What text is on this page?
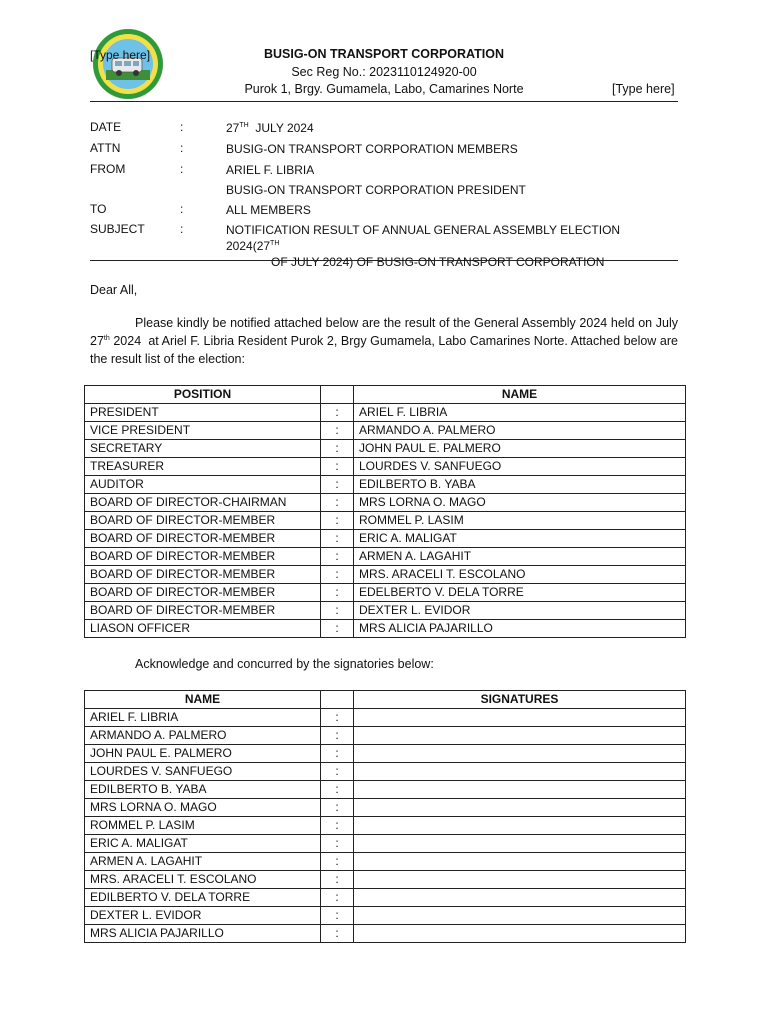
[Type here]	BUSIG-ON TRANSPORT CORPORATION
Sec Reg No.: 2023110124920-00
Purok 1, Brgy. Gumamela, Labo, Camarines Norte	[Type here]
DATE	:	27TH  JULY 2024
ATTN	:	BUSIG-ON TRANSPORT CORPORATION MEMBERS
FROM	:	ARIEL F. LIBRIA
BUSIG-ON TRANSPORT CORPORATION PRESIDENT
TO	:	ALL MEMBERS
SUBJECT	:	NOTIFICATION RESULT OF ANNUAL GENERAL ASSEMBLY ELECTION 2024(27TH
OF JULY 2024) OF BUSIG-ON TRANSPORT CORPORATION
Dear All,
Please kindly be notified attached below are the result of the General Assembly 2024 held on July 27th 2024  at Ariel F. Libria Resident Purok 2, Brgy Gumamela, Labo Camarines Norte. Attached below are the result list of the election:
POSITION		NAME
PRESIDENT	:	ARIEL F. LIBRIA
VICE PRESIDENT	:	ARMANDO A. PALMERO
SECRETARY	:	JOHN PAUL E. PALMERO
TREASURER	:	LOURDES V. SANFUEGO
AUDITOR	:	EDILBERTO B. YABA
BOARD OF DIRECTOR-CHAIRMAN	:	MRS LORNA O. MAGO
BOARD OF DIRECTOR-MEMBER	:	ROMMEL P. LASIM
BOARD OF DIRECTOR-MEMBER	:	ERIC A. MALIGAT
BOARD OF DIRECTOR-MEMBER	:	ARMEN A. LAGAHIT
BOARD OF DIRECTOR-MEMBER	:	MRS. ARACELI T. ESCOLANO
BOARD OF DIRECTOR-MEMBER	:	EDELBERTO V. DELA TORRE
BOARD OF DIRECTOR-MEMBER	:	DEXTER L. EVIDOR
LIASON OFFICER	:	MRS ALICIA PAJARILLO
Acknowledge and concurred by the signatories below:
NAME		SIGNATURES
ARIEL F. LIBRIA	:	
ARMANDO A. PALMERO	:	
JOHN PAUL E. PALMERO	:	
LOURDES V. SANFUEGO	:	
EDILBERTO B. YABA	:	
MRS LORNA O. MAGO	:	
ROMMEL P. LASIM	:	
ERIC A. MALIGAT	:	
ARMEN A. LAGAHIT	:	
MRS. ARACELI T. ESCOLANO	:	
EDILBERTO V. DELA TORRE	:	
DEXTER L. EVIDOR	:	
MRS ALICIA PAJARILLO	:	
